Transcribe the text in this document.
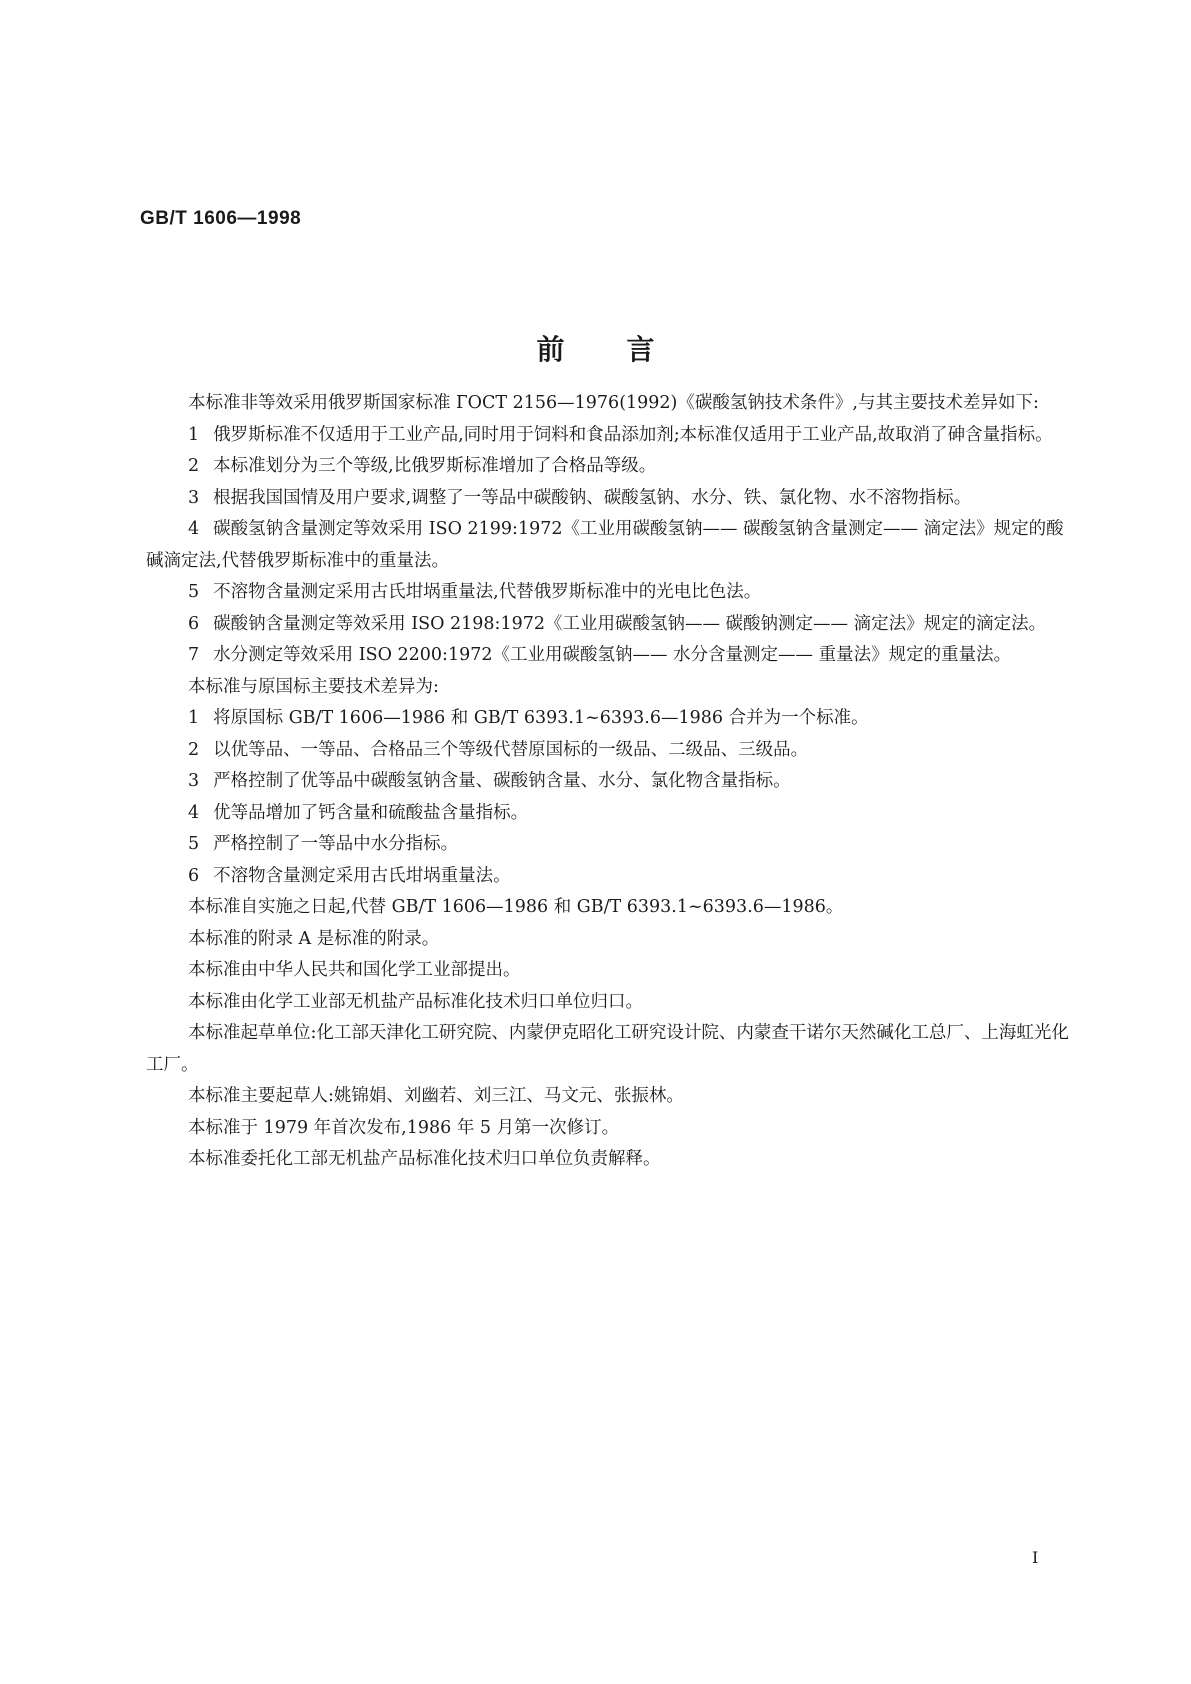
GB/T 1606—1998
前言

本标准非等效采用俄罗斯国家标准 ГОСТ 2156—1976(1992)《碳酸氢钠技术条件》,与其主要技术差异如下:

1 俄罗斯标准不仅适用于工业产品,同时用于饲料和食品添加剂;本标准仅适用于工业产品,故取消了砷含量指标。

2 本标准划分为三个等级,比俄罗斯标准增加了合格品等级。

3 根据我国国情及用户要求,调整了一等品中碳酸钠、碳酸氢钠、水分、铁、氯化物、水不溶物指标。

4 碳酸氢钠含量测定等效采用 ISO 2199:1972《工业用碳酸氢钠—— 碳酸氢钠含量测定—— 滴定法》规定的酸碱滴定法,代替俄罗斯标准中的重量法。

5 不溶物含量测定采用古氏坩埚重量法,代替俄罗斯标准中的光电比色法。

6 碳酸钠含量测定等效采用 ISO 2198:1972《工业用碳酸氢钠—— 碳酸钠测定—— 滴定法》规定的滴定法。

7 水分测定等效采用 ISO 2200:1972《工业用碳酸氢钠—— 水分含量测定—— 重量法》规定的重量法。

本标准与原国标主要技术差异为:

1 将原国标 GB/T 1606—1986 和 GB/T 6393.1~6393.6—1986 合并为一个标准。

2 以优等品、一等品、合格品三个等级代替原国标的一级品、二级品、三级品。

3 严格控制了优等品中碳酸氢钠含量、碳酸钠含量、水分、氯化物含量指标。

4 优等品增加了钙含量和硫酸盐含量指标。

5 严格控制了一等品中水分指标。

6 不溶物含量测定采用古氏坩埚重量法。

本标准自实施之日起,代替 GB/T 1606—1986 和 GB/T 6393.1~6393.6—1986。

本标准的附录 A 是标准的附录。

本标准由中华人民共和国化学工业部提出。

本标准由化学工业部无机盐产品标准化技术归口单位归口。

本标准起草单位:化工部天津化工研究院、内蒙伊克昭化工研究设计院、内蒙查干诺尔天然碱化工总厂、上海虹光化工厂。

本标准主要起草人:姚锦娟、刘幽若、刘三江、马文元、张振林。

本标准于 1979 年首次发布,1986 年 5 月第一次修订。

本标准委托化工部无机盐产品标准化技术归口单位负责解释。

I
